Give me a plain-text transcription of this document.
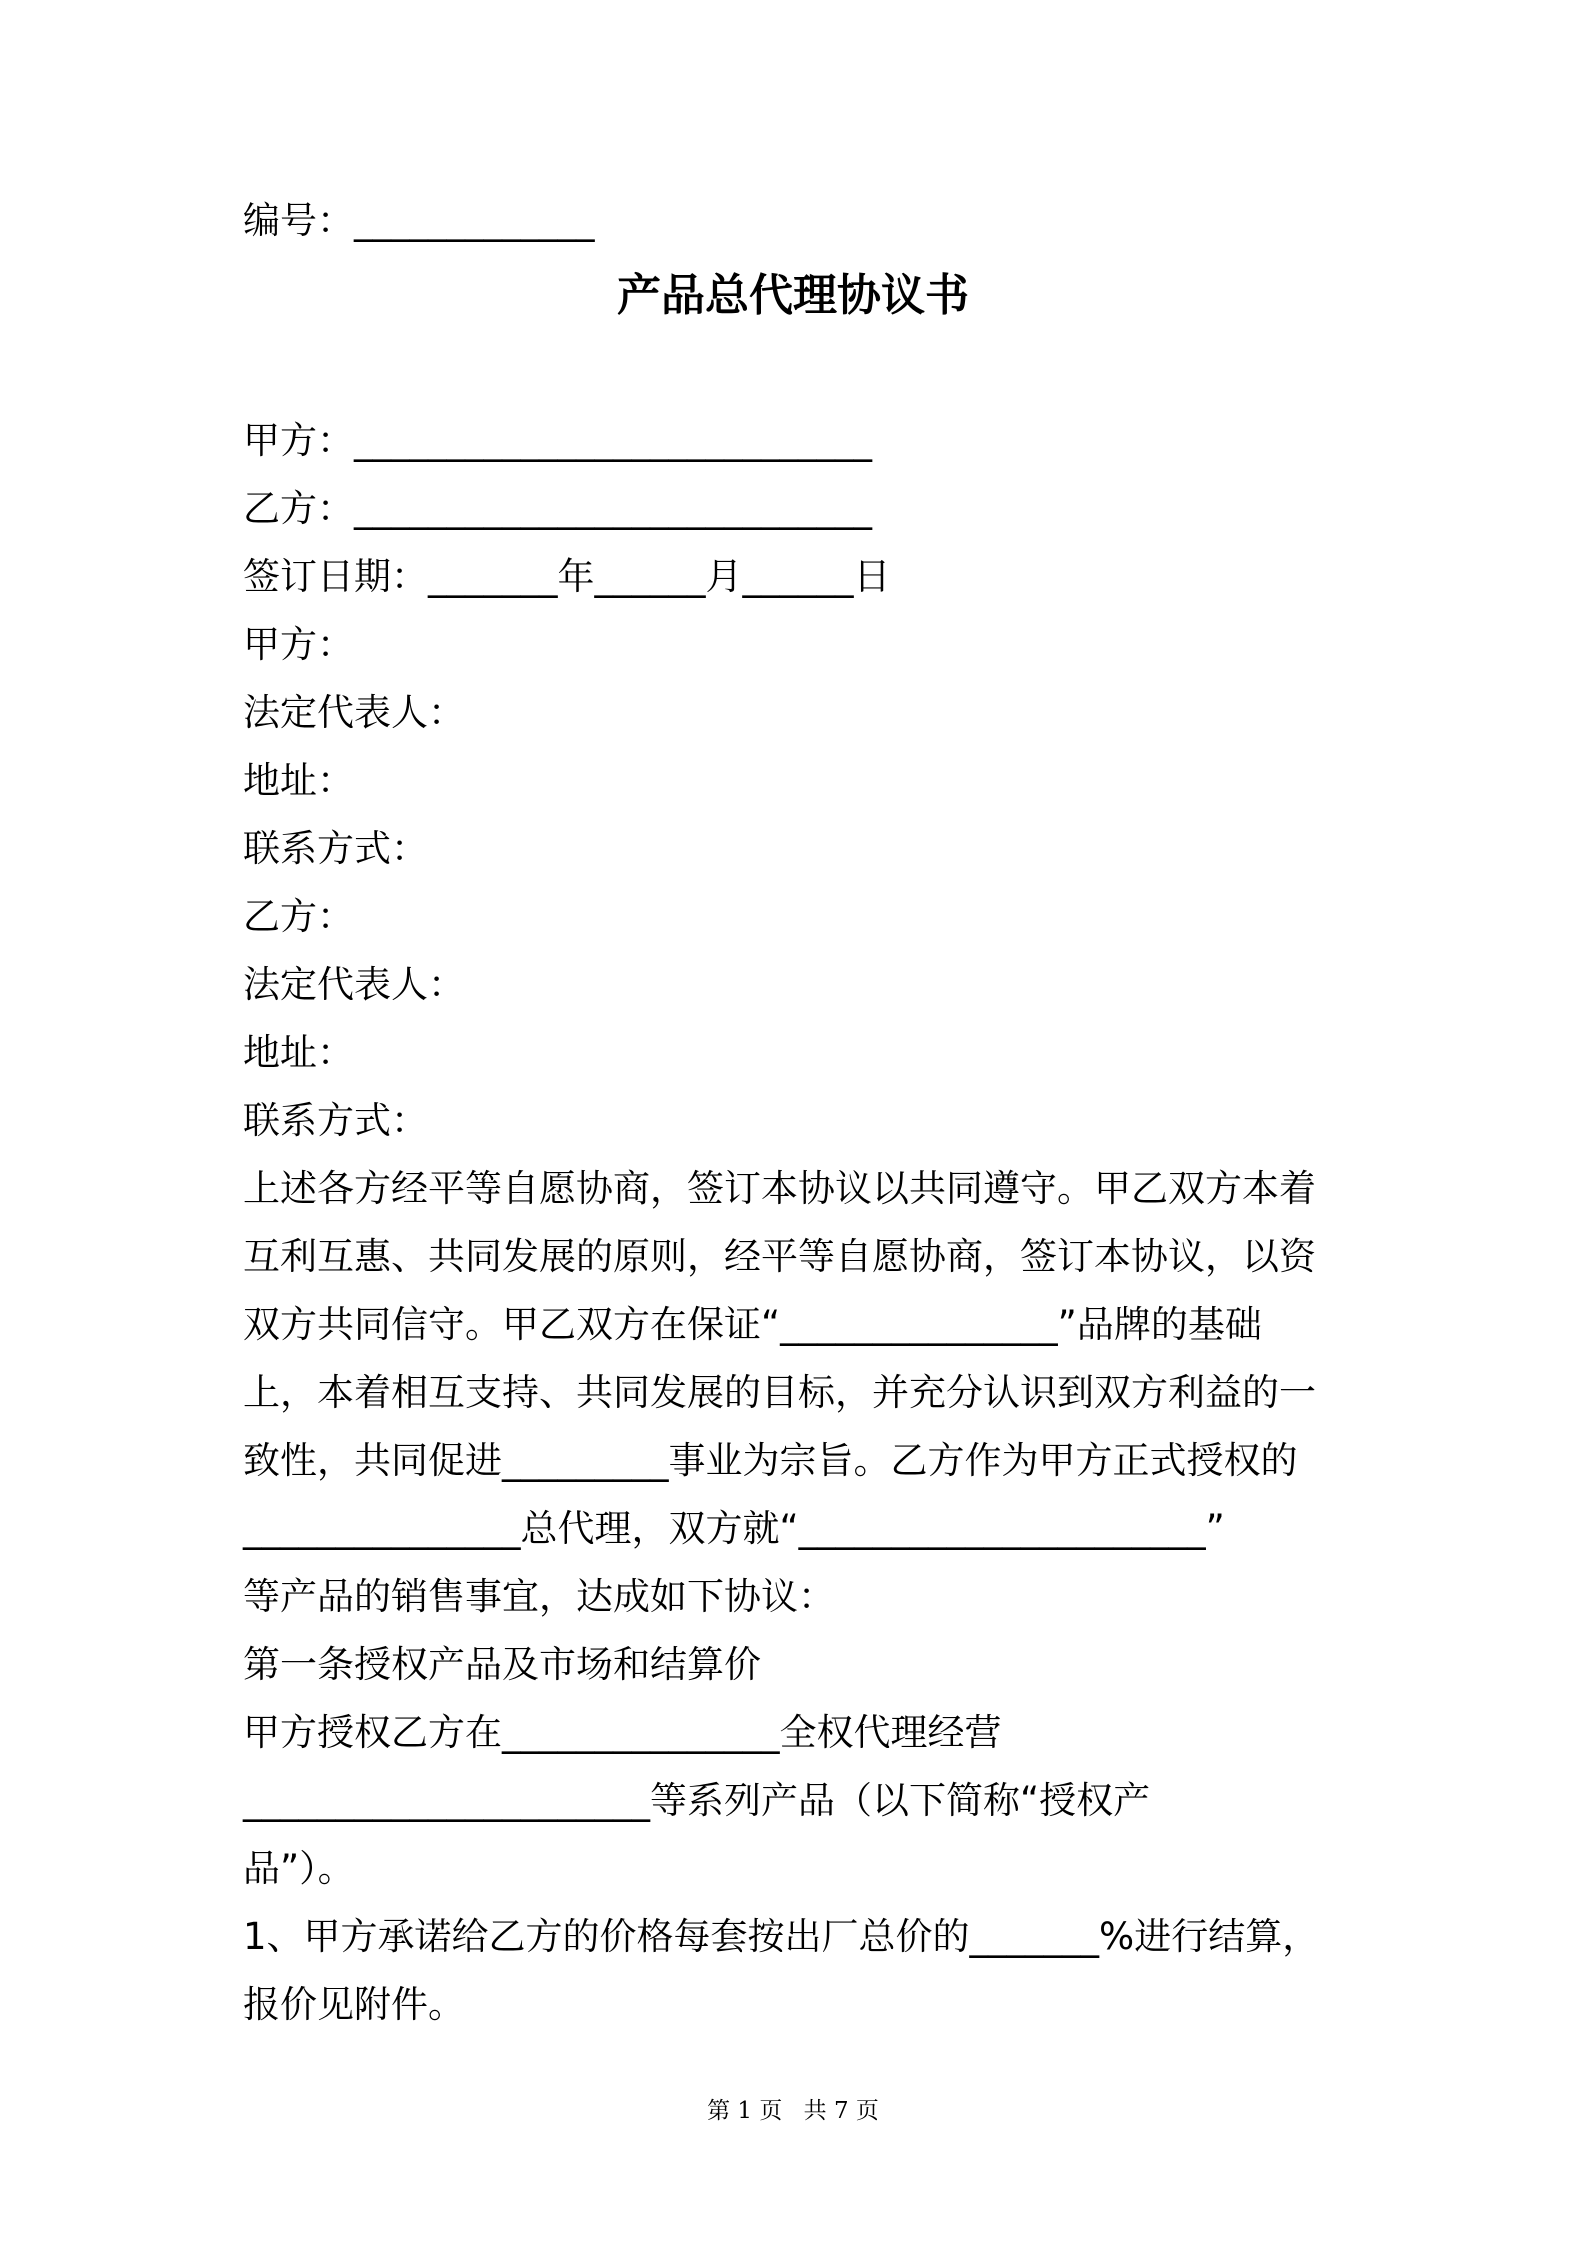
编号：_____________
产品总代理协议书
甲方：____________________________
乙方：____________________________
签订日期：_______年______月______日
甲方：
法定代表人：
地址：
联系方式：
乙方：
法定代表人：
地址：
联系方式：
上述各方经平等自愿协商，签订本协议以共同遵守。甲乙双方本着
互利互惠、共同发展的原则，经平等自愿协商，签订本协议，以资
双方共同信守。甲乙双方在保证“_______________”品牌的基础
上，本着相互支持、共同发展的目标，并充分认识到双方利益的一
致性，共同促进_________事业为宗旨。乙方作为甲方正式授权的
_______________总代理，双方就“______________________”
等产品的销售事宜，达成如下协议：
第一条授权产品及市场和结算价
甲方授权乙方在_______________全权代理经营
______________________等系列产品（以下简称“授权产
品”）。
1、甲方承诺给乙方的价格每套按出厂总价的_______%进行结算，
报价见附件。
第 1 页 共 7 页
